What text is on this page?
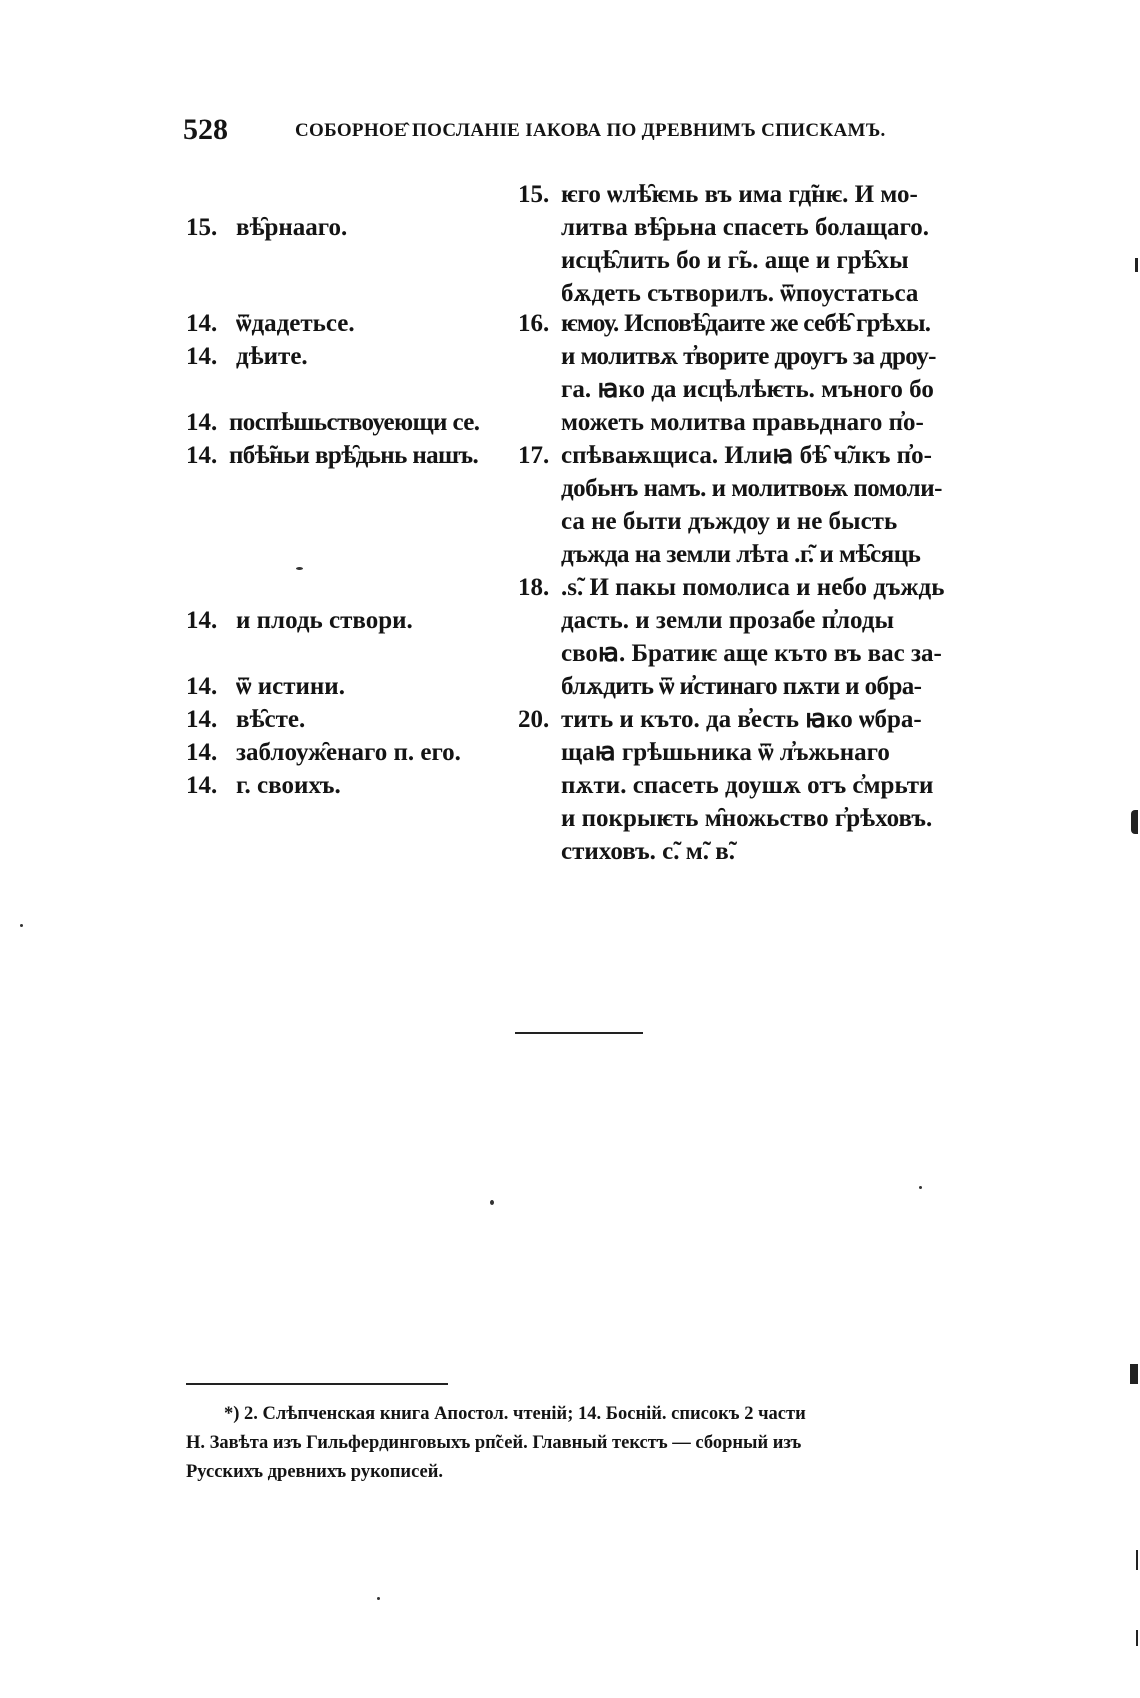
528	СОБОРНОЕ̂ ПОСЛАНІЕ ІАКОВА ПО ДРЕВНИМЪ СПИСКАМЪ.
15. вѣ̑рнааго.
14. ѿдадетьсе.
14. дѣите.
14. поспѣшьствоуеющи се.
14. пбѣ̃ньи врѣ̑дьнь нашъ.
14. и плодь створи.
14. ѿ истини.
14. вѣ̑сте.
14. заблоуж̑енаго п. его.
14. г. своихъ.
15. ѥго ѡлѣ̑ѥмь въ има гд̃нѥ. И мо-
литва вѣ̑рьна спасеть болащаго.
исцѣ̑лить бо и г̃ь. аще и грѣ̑хы
бѫдеть сътворилъ. ѿпоустатьса
16. ѥмоу. Исповѣ̑даите же себѣ̑ грѣхы.
и молитвѫ т̓ворите дроугъ за дроу-
га. ꙗко да исцѣлѣѥть. мъного бо
можеть молитва правьднаго п̓о-
17. спѣваѭщиса. Илиꙗ бѣ̑ ч̃лкъ п̓о-
добьнъ намъ. и молитвоѭ помоли-
са не быти дъждоу и не бысть
дъжда на земли лѣта .г̃. и мѣ̑сяць
18. .ѕ̃. И пакы помолиса и небо дъждь
дасть. и земли прозабе п̓лоды
своꙗ. Братиѥ аще къто въ вас за-
блѫдить ѿ и̓стинаго пѫти и обра-
20. тить и къто. да в̓есть ꙗко ѡбра-
щаꙗ грѣшьника ѿ л̓ъжьнаго
пѫти. спасеть доушѫ отъ с̓мрьти
и покрыѥть м̑ножьство г̓рѣховъ.
стиховъ. с̃. м̃. в̃.
*) 2. Слѣпченская книга Апостол. чтеній; 14. Боснiй. списокъ 2 части
Н. Завѣта изъ Гильфердинговыхъ рп̃сей. Главный текстъ — сборный изъ
Русскихъ древнихъ рукописей.
